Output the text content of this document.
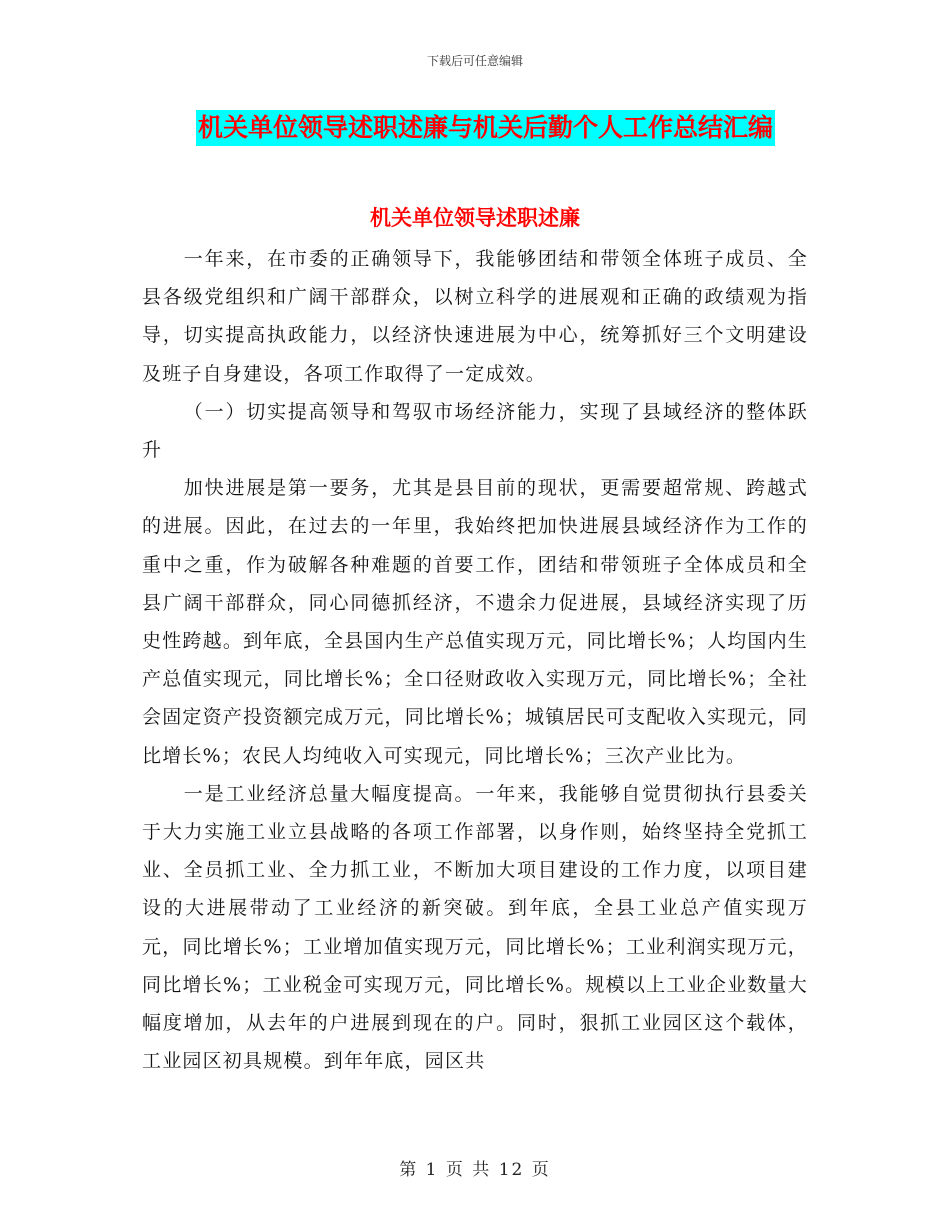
下载后可任意编辑
机关单位领导述职述廉与机关后勤个人工作总结汇编
机关单位领导述职述廉

一年来，在市委的正确领导下，我能够团结和带领全体班子成员、全县各级党组织和广阔干部群众，以树立科学的进展观和正确的政绩观为指导，切实提高执政能力，以经济快速进展为中心，统筹抓好三个文明建设及班子自身建设，各项工作取得了一定成效。

（一）切实提高领导和驾驭市场经济能力，实现了县域经济的整体跃升

加快进展是第一要务，尤其是县目前的现状，更需要超常规、跨越式的进展。因此，在过去的一年里，我始终把加快进展县域经济作为工作的重中之重，作为破解各种难题的首要工作，团结和带领班子全体成员和全县广阔干部群众，同心同德抓经济，不遗余力促进展，县域经济实现了历史性跨越。到年底，全县国内生产总值实现万元，同比增长%；人均国内生产总值实现元，同比增长%；全口径财政收入实现万元，同比增长%；全社会固定资产投资额完成万元，同比增长%；城镇居民可支配收入实现元，同比增长%；农民人均纯收入可实现元，同比增长%；三次产业比为。

一是工业经济总量大幅度提高。一年来，我能够自觉贯彻执行县委关于大力实施工业立县战略的各项工作部署，以身作则，始终坚持全党抓工业、全员抓工业、全力抓工业，不断加大项目建设的工作力度，以项目建设的大进展带动了工业经济的新突破。到年底，全县工业总产值实现万元，同比增长%；工业增加值实现万元，同比增长%；工业利润实现万元，同比增长%；工业税金可实现万元，同比增长%。规模以上工业企业数量大幅度增加，从去年的户进展到现在的户。同时，狠抓工业园区这个载体，工业园区初具规模。到年年底，园区共

第 1 页 共 12 页
